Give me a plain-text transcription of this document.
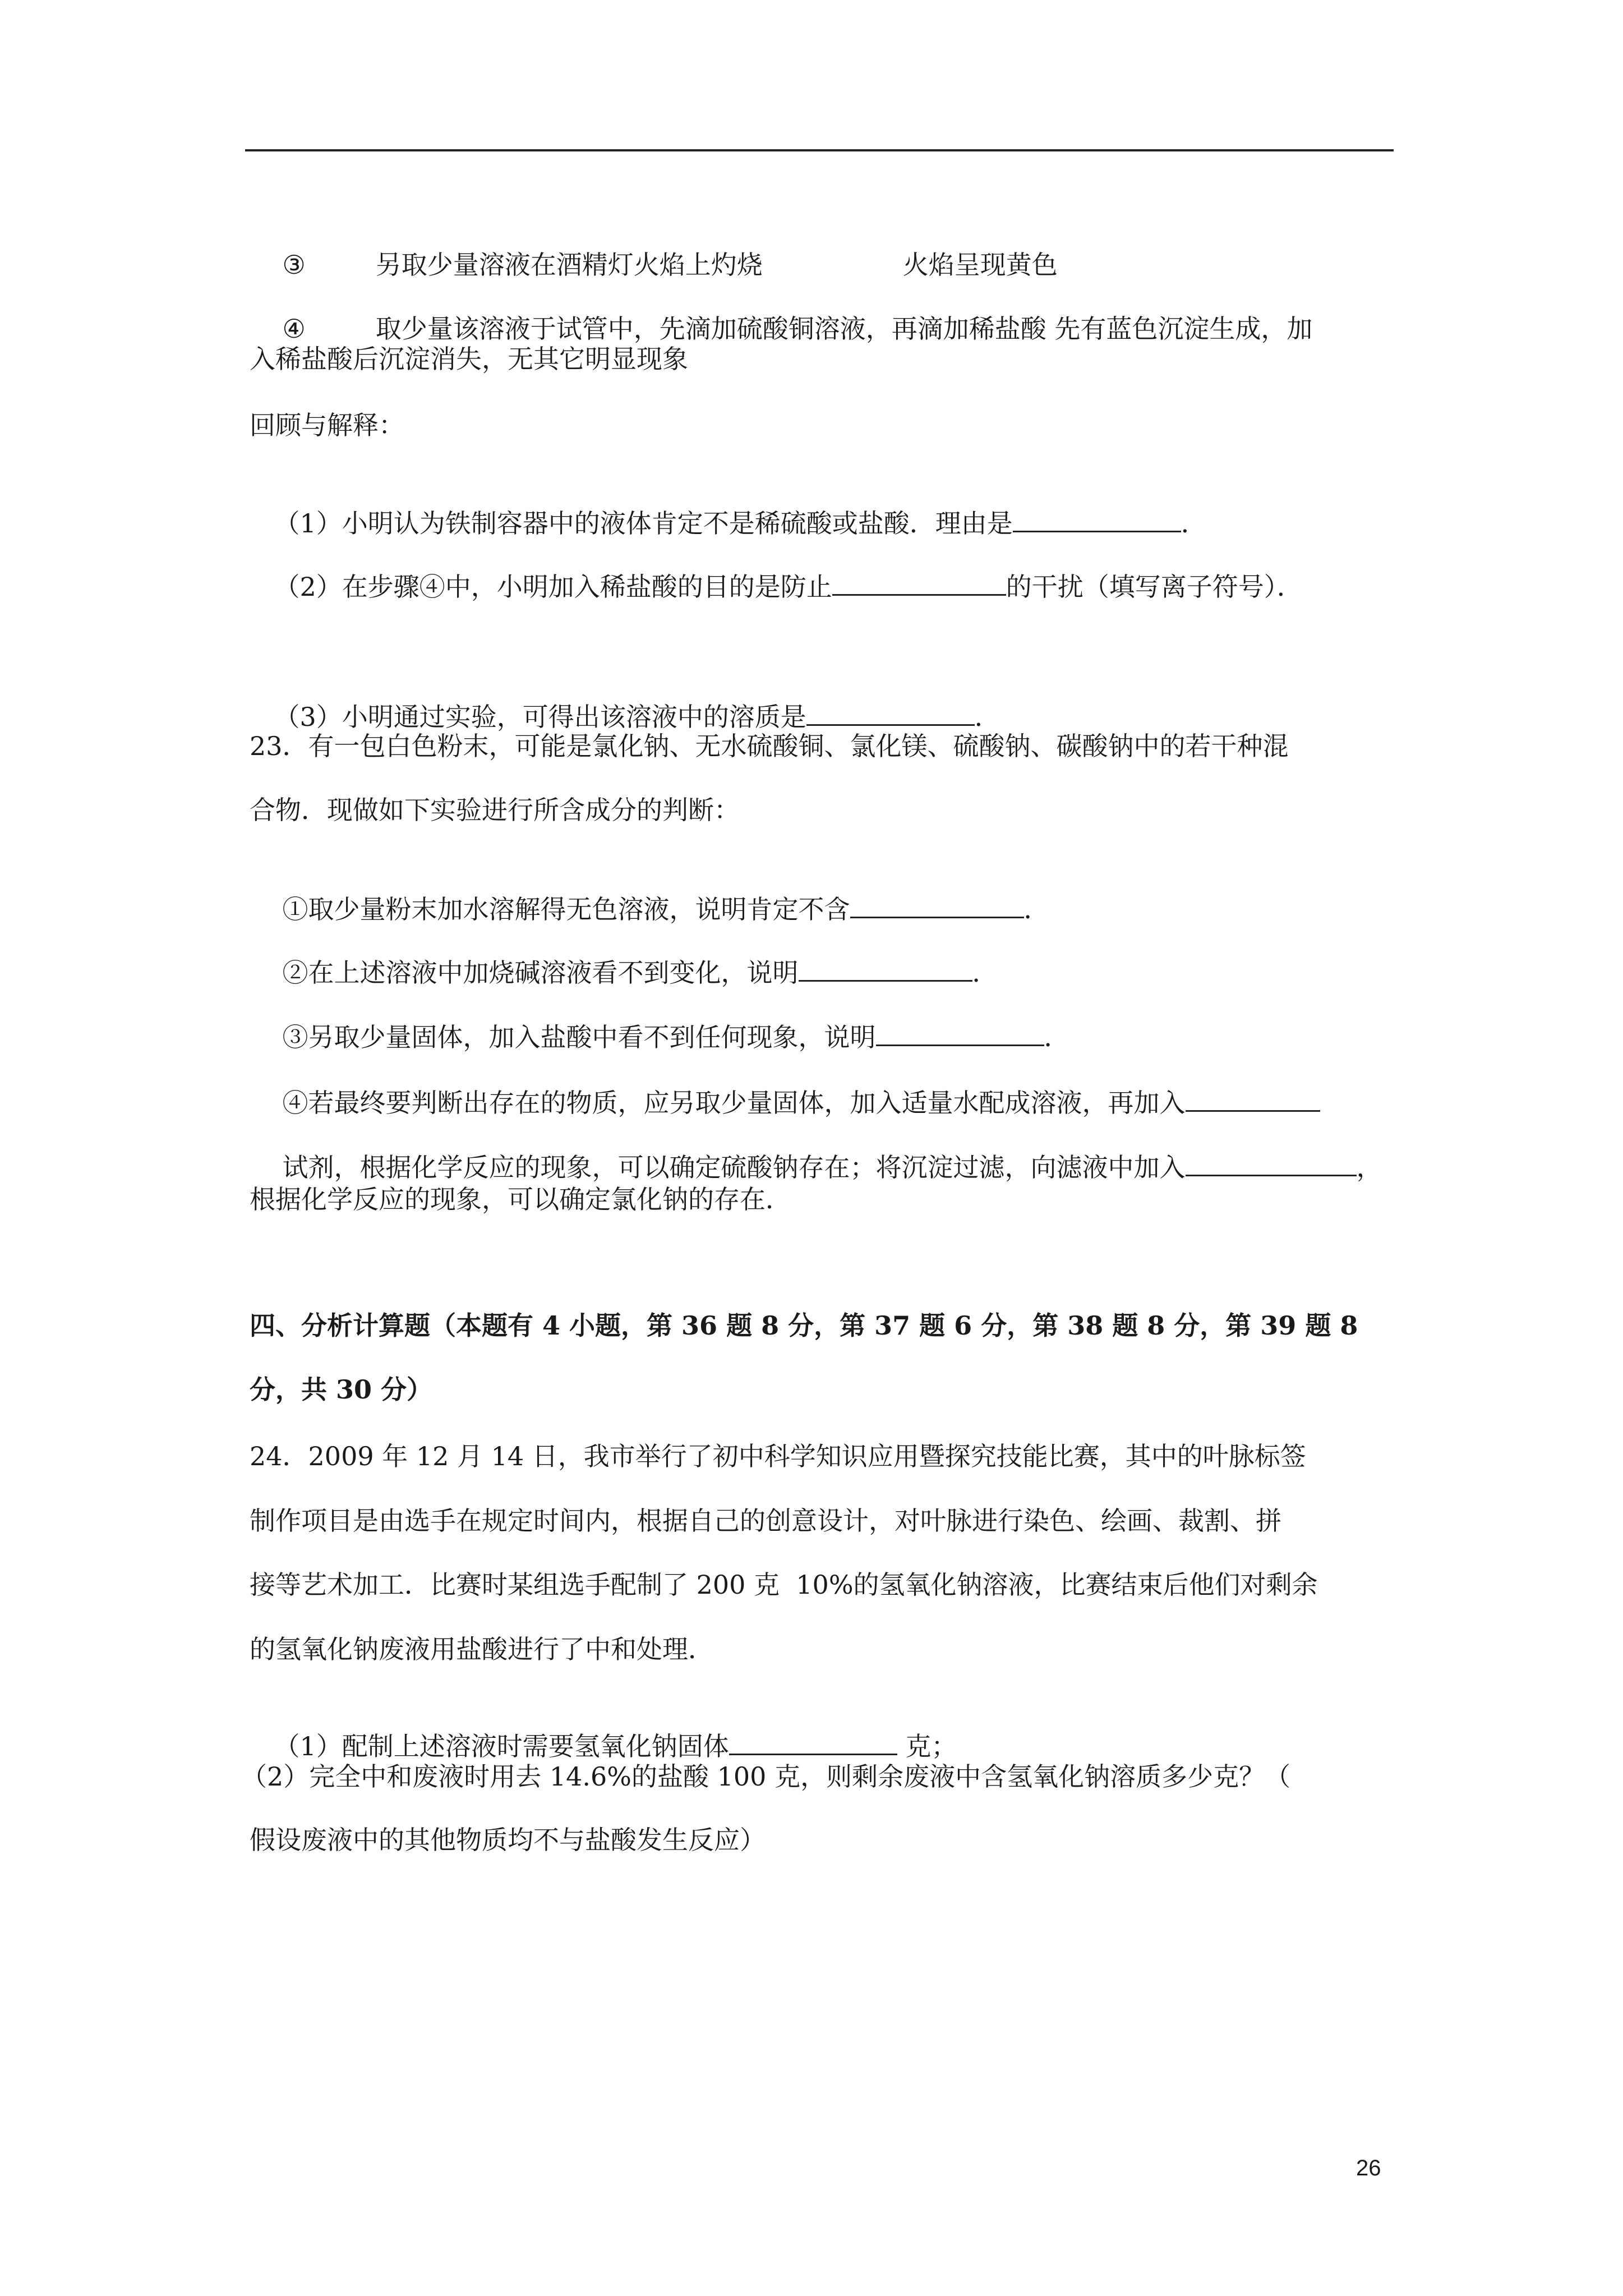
③	另取少量溶液在酒精灯火焰上灼烧	火焰呈现黄色

④	取少量该溶液于试管中，先滴加硫酸铜溶液，再滴加稀盐酸 先有蓝色沉淀生成，加

入稀盐酸后沉淀消失，无其它明显现象
回顾与解释：

（1）小明认为铁制容器中的液体肯定不是稀硫酸或盐酸．理由是	．

（2）在步骤④中，小明加入稀盐酸的目的是防止	的干扰（填写离子符号）．

（3）小明通过实验，可得出该溶液中的溶质是	．

23．有一包白色粉末，可能是氯化钠、无水硫酸铜、氯化镁、硫酸钠、碳酸钠中的若干种混
合物．现做如下实验进行所含成分的判断：

①取少量粉末加水溶解得无色溶液，说明肯定不含	．

②在上述溶液中加烧碱溶液看不到变化，说明	．

③另取少量固体，加入盐酸中看不到任何现象，说明	．

④若最终要判断出存在的物质，应另取少量固体，加入适量水配成溶液，再加入

试剂，根据化学反应的现象，可以确定硫酸钠存在；将沉淀过滤，向滤液中加入	，

根据化学反应的现象，可以确定氯化钠的存在．
四、分析计算题（本题有 4 小题，第 36 题 8 分，第 37 题 6 分，第 38 题 8 分，第 39 题 8
分，共 30 分）
24．2009 年 12 月 14 日，我市举行了初中科学知识应用暨探究技能比赛，其中的叶脉标签
制作项目是由选手在规定时间内，根据自己的创意设计，对叶脉进行染色、绘画、裁割、拼
接等艺术加工．比赛时某组选手配制了 200 克  10%的氢氧化钠溶液，比赛结束后他们对剩余
的氢氧化钠废液用盐酸进行了中和处理．

（1）配制上述溶液时需要氢氧化钠固体	克；

（2）完全中和废液时用去 14.6%的盐酸 100 克，则剩余废液中含氢氧化钠溶质多少克？（
假设废液中的其他物质均不与盐酸发生反应）
26
